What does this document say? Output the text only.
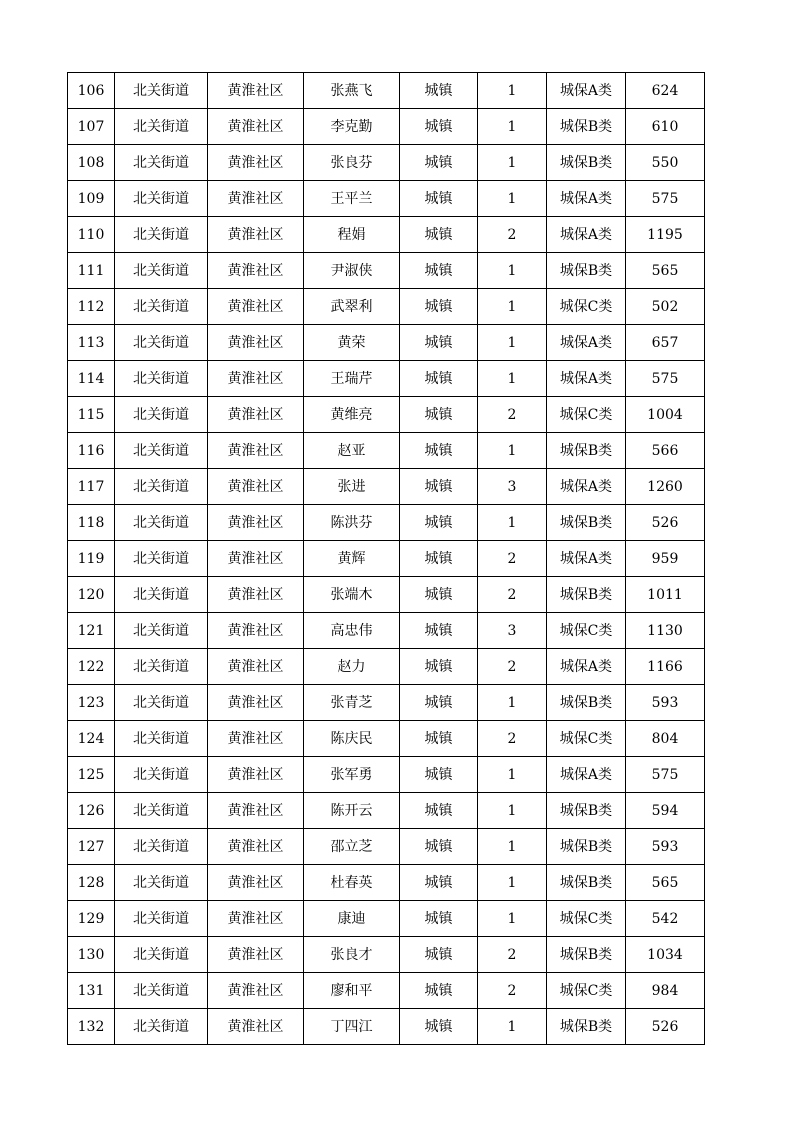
106	北关街道	黄淮社区	张燕飞	城镇	1	城保A类	624
107	北关街道	黄淮社区	李克勤	城镇	1	城保B类	610
108	北关街道	黄淮社区	张良芬	城镇	1	城保B类	550
109	北关街道	黄淮社区	王平兰	城镇	1	城保A类	575
110	北关街道	黄淮社区	程娟	城镇	2	城保A类	1195
111	北关街道	黄淮社区	尹淑侠	城镇	1	城保B类	565
112	北关街道	黄淮社区	武翠利	城镇	1	城保C类	502
113	北关街道	黄淮社区	黄荣	城镇	1	城保A类	657
114	北关街道	黄淮社区	王瑞芹	城镇	1	城保A类	575
115	北关街道	黄淮社区	黄维亮	城镇	2	城保C类	1004
116	北关街道	黄淮社区	赵亚	城镇	1	城保B类	566
117	北关街道	黄淮社区	张进	城镇	3	城保A类	1260
118	北关街道	黄淮社区	陈洪芬	城镇	1	城保B类	526
119	北关街道	黄淮社区	黄辉	城镇	2	城保A类	959
120	北关街道	黄淮社区	张端木	城镇	2	城保B类	1011
121	北关街道	黄淮社区	高忠伟	城镇	3	城保C类	1130
122	北关街道	黄淮社区	赵力	城镇	2	城保A类	1166
123	北关街道	黄淮社区	张青芝	城镇	1	城保B类	593
124	北关街道	黄淮社区	陈庆民	城镇	2	城保C类	804
125	北关街道	黄淮社区	张军勇	城镇	1	城保A类	575
126	北关街道	黄淮社区	陈开云	城镇	1	城保B类	594
127	北关街道	黄淮社区	邵立芝	城镇	1	城保B类	593
128	北关街道	黄淮社区	杜春英	城镇	1	城保B类	565
129	北关街道	黄淮社区	康迪	城镇	1	城保C类	542
130	北关街道	黄淮社区	张良才	城镇	2	城保B类	1034
131	北关街道	黄淮社区	廖和平	城镇	2	城保C类	984
132	北关街道	黄淮社区	丁四江	城镇	1	城保B类	526
